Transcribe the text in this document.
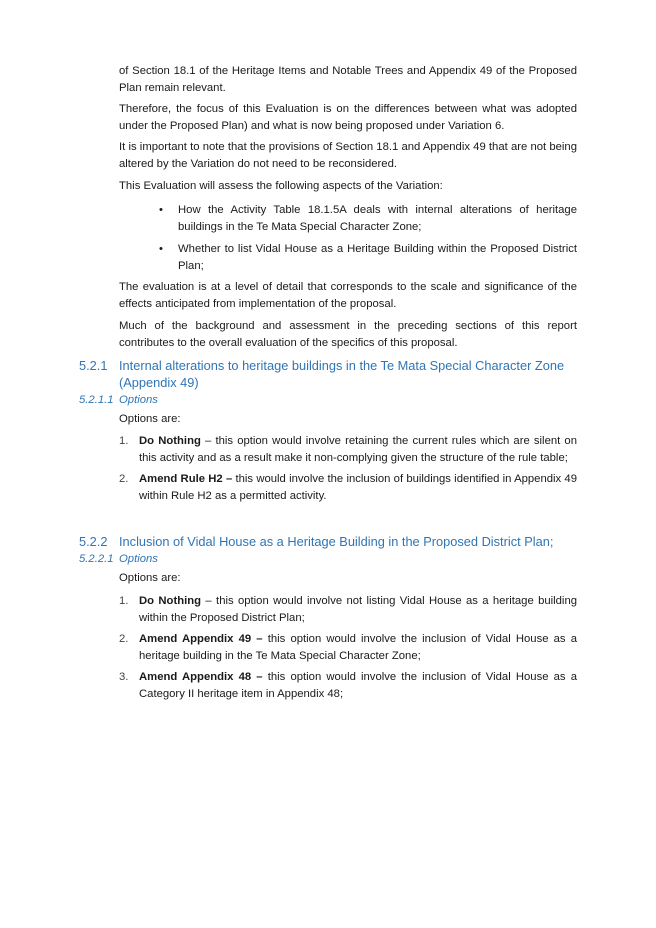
of Section 18.1 of the Heritage Items and Notable Trees and Appendix 49 of the Proposed Plan remain relevant.
Therefore, the focus of this Evaluation is on the differences between what was adopted under the Proposed Plan) and what is now being proposed under Variation 6.
It is important to note that the provisions of Section 18.1 and Appendix 49 that are not being altered by the Variation do not need to be reconsidered.
This Evaluation will assess the following aspects of the Variation:
• How the Activity Table 18.1.5A deals with internal alterations of heritage buildings in the Te Mata Special Character Zone;
• Whether to list Vidal House as a Heritage Building within the Proposed District Plan;
The evaluation is at a level of detail that corresponds to the scale and significance of the effects anticipated from implementation of the proposal.
Much of the background and assessment in the preceding sections of this report contributes to the overall evaluation of the specifics of this proposal.
5.2.1 Internal alterations to heritage buildings in the Te Mata Special Character Zone (Appendix 49)
5.2.1.1 Options
Options are:
1. Do Nothing – this option would involve retaining the current rules which are silent on this activity and as a result make it non-complying given the structure of the rule table;
2. Amend Rule H2 – this would involve the inclusion of buildings identified in Appendix 49 within Rule H2 as a permitted activity.
5.2.2 Inclusion of Vidal House as a Heritage Building in the Proposed District Plan;
5.2.2.1 Options
Options are:
1. Do Nothing – this option would involve not listing Vidal House as a heritage building within the Proposed District Plan;
2. Amend Appendix 49 – this option would involve the inclusion of Vidal House as a heritage building in the Te Mata Special Character Zone;
3. Amend Appendix 48 – this option would involve the inclusion of Vidal House as a Category II heritage item in Appendix 48;
